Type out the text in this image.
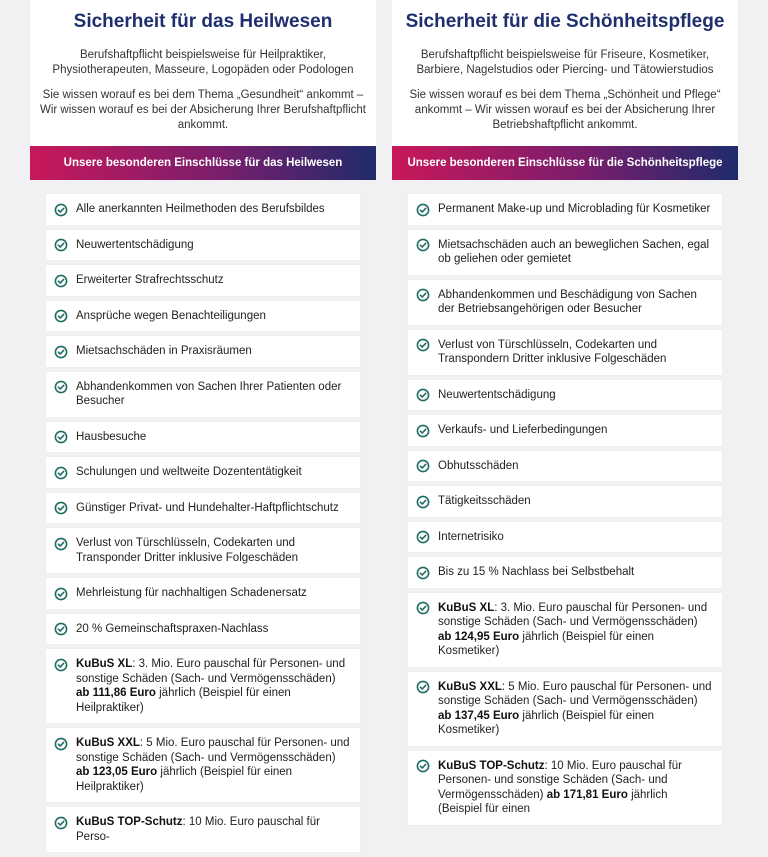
Sicherheit für das Heilwesen

Berufshaftpflicht beispielsweise für Heilpraktiker, Physiotherapeuten, Masseure, Logopäden oder Podologen

Sie wissen worauf es bei dem Thema „Gesundheit“ ankommt – Wir wissen worauf es bei der Absicherung Ihrer Berufshaftpflicht ankommt.

Unsere besonderen Einschlüsse für das Heilwesen
Alle anerkannten Heilmethoden des Berufsbildes
Neuwertentschädigung
Erweiterter Strafrechtsschutz
Ansprüche wegen Benachteiligungen
Mietsachschäden in Praxisräumen
Abhandenkommen von Sachen Ihrer Patienten oder Besucher
Hausbesuche
Schulungen und weltweite Dozententätigkeit
Günstiger Privat- und Hundehalter-Haftpflichtschutz
Verlust von Türschlüsseln, Codekarten und Transponder Dritter inklusive Folgeschäden
Mehrleistung für nachhaltigen Schadenersatz
20 % Gemeinschaftspraxen-Nachlass
KuBuS XL: 3. Mio. Euro pauschal für Personen- und sonstige Schäden (Sach- und Vermögensschäden) ab 111,86 Euro jährlich (Beispiel für einen Heilpraktiker)
KuBuS XXL: 5 Mio. Euro pauschal für Personen- und sonstige Schäden (Sach- und Vermögensschäden) ab 123,05 Euro jährlich (Beispiel für einen Heilpraktiker)
KuBuS TOP-Schutz: 10 Mio. Euro pauschal für Perso-
Sicherheit für die Schönheitspflege

Berufshaftpflicht beispielsweise für Friseure, Kosmetiker, Barbiere, Nagelstudios oder Piercing- und Tätowierstudios

Sie wissen worauf es bei dem Thema „Schönheit und Pflege“ ankommt – Wir wissen worauf es bei der Absicherung Ihrer Betriebshaftpflicht ankommt.

Unsere besonderen Einschlüsse für die Schönheitspflege
Permanent Make-up und Microblading für Kosmetiker
Mietsachschäden auch an beweglichen Sachen, egal ob geliehen oder gemietet
Abhandenkommen und Beschädigung von Sachen der Betriebsangehörigen oder Besucher
Verlust von Türschlüsseln, Codekarten und Transpondern Dritter inklusive Folgeschäden
Neuwertentschädigung
Verkaufs- und Lieferbedingungen
Obhutsschäden
Tätigkeitsschäden
Internetrisiko
Bis zu 15 % Nachlass bei Selbstbehalt
KuBuS XL: 3. Mio. Euro pauschal für Personen- und sonstige Schäden (Sach- und Vermögensschäden) ab 124,95 Euro jährlich (Beispiel für einen Kosmetiker)
KuBuS XXL: 5 Mio. Euro pauschal für Personen- und sonstige Schäden (Sach- und Vermögensschäden) ab 137,45 Euro jährlich (Beispiel für einen Kosmetiker)
KuBuS TOP-Schutz: 10 Mio. Euro pauschal für Personen- und sonstige Schäden (Sach- und Vermögensschäden) ab 171,81 Euro jährlich (Beispiel für einen
